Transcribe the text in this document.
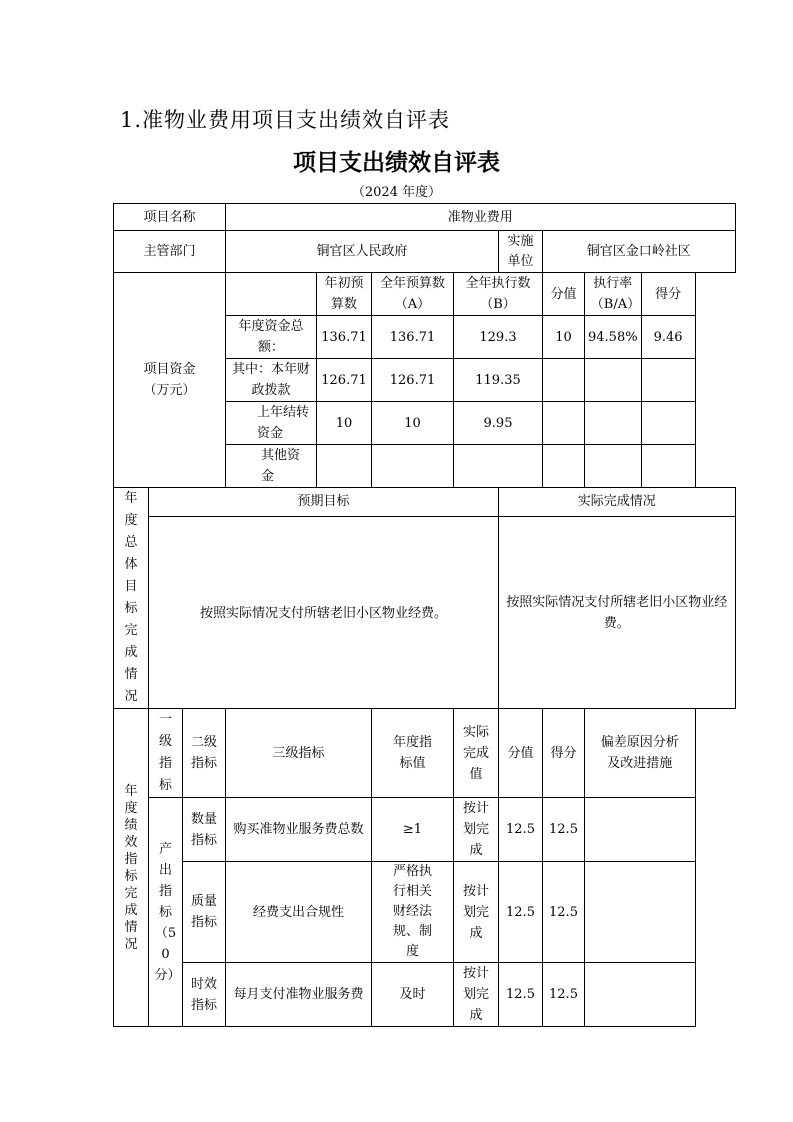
1.准物业费用项目支出绩效自评表
项目支出绩效自评表
（2024 年度）
项目名称			准物业费用							
主管部门			铜官区人民政府				实施单位	铜官区金口岭社区		

项目资金（万元）				年初预算数	全年预算数（A）	全年执行数（B）		分值	执行率（B/A）	得分
			年度资金总额：	136.71	136.71	129.3		10	94.58%	9.46
			其中：本年财政拨款	126.71	126.71	119.35				

			上年结转资金	10	10	9.95				

			其他资金							

年度总体目标完成情况	预期目标						实际完成情况			
	按照实际情况支付所辖老旧小区物业经费。						按照实际情况支付所辖老旧小区物业经费。			

年度绩效指标完成情况	一级指标	二级指标	三级指标		年度指标值	实际完成值	分值	得分	偏差原因分析及改进措施	

	产出指标（50分）	数量指标	购买准物业服务费总数		≥1	按计划完成	12.5	12.5		

		质量指标	经费支出合规性		严格执行相关财经法规、制度	按计划完成	12.5	12.5		

		时效指标	每月支付准物业服务费		及时	按计划完成	12.5	12.5		
